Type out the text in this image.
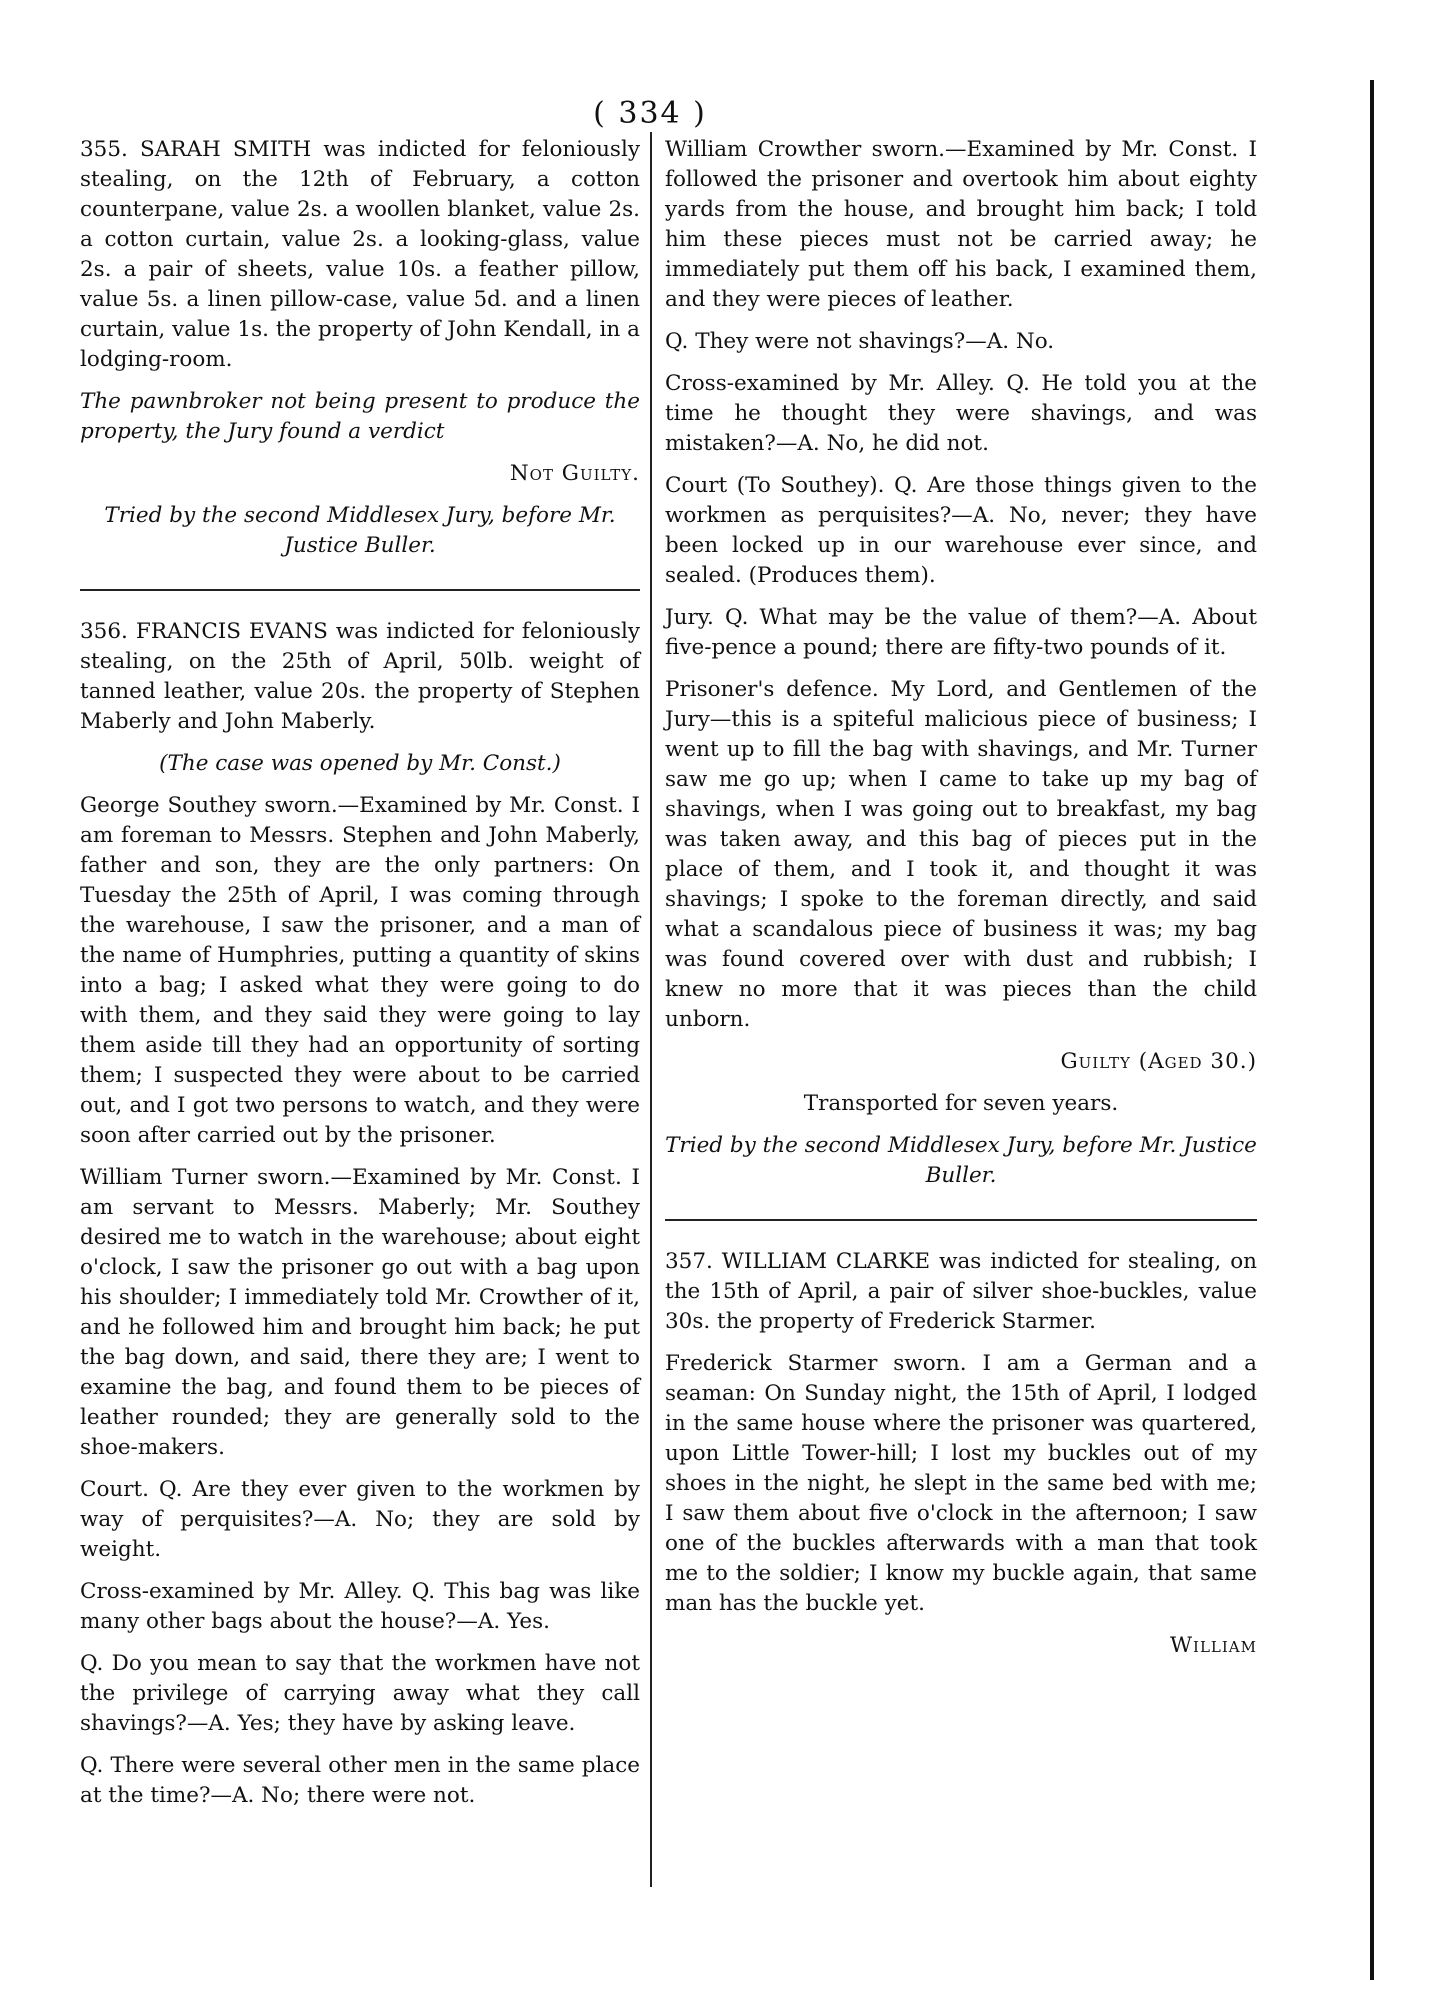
( 334 )

355. SARAH SMITH was indicted for feloniously stealing, on the 12th of February, a cotton counterpane, value 2s. a woollen blanket, value 2s. a cotton curtain, value 2s. a looking-glass, value 2s. a pair of sheets, value 10s. a feather pillow, value 5s. a linen pillow-case, value 5d. and a linen curtain, value 1s. the property of John Kendall, in a lodging-room.

The pawnbroker not being present to produce the property, the Jury found a verdict

Not Guilty.

Tried by the second Middlesex Jury, before Mr. Justice Buller.

356. FRANCIS EVANS was indicted for feloniously stealing, on the 25th of April, 50lb. weight of tanned leather, value 20s. the property of Stephen Maberly and John Maberly.

(The case was opened by Mr. Const.)

George Southey sworn.—Examined by Mr. Const. I am foreman to Messrs. Stephen and John Maberly, father and son, they are the only partners: On Tuesday the 25th of April, I was coming through the warehouse, I saw the prisoner, and a man of the name of Humphries, putting a quantity of skins into a bag; I asked what they were going to do with them, and they said they were going to lay them aside till they had an opportunity of sorting them; I suspected they were about to be carried out, and I got two persons to watch, and they were soon after carried out by the prisoner.

William Turner sworn.—Examined by Mr. Const. I am servant to Messrs. Maberly; Mr. Southey desired me to watch in the warehouse; about eight o'clock, I saw the prisoner go out with a bag upon his shoulder; I immediately told Mr. Crowther of it, and he followed him and brought him back; he put the bag down, and said, there they are; I went to examine the bag, and found them to be pieces of leather rounded; they are generally sold to the shoe-makers.

Court. Q. Are they ever given to the workmen by way of perquisites?—A. No; they are sold by weight.

Cross-examined by Mr. Alley. Q. This bag was like many other bags about the house?—A. Yes.

Q. Do you mean to say that the workmen have not the privilege of carrying away what they call shavings?—A. Yes; they have by asking leave.

Q. There were several other men in the same place at the time?—A. No; there were not.

William Crowther sworn.—Examined by Mr. Const. I followed the prisoner and overtook him about eighty yards from the house, and brought him back; I told him these pieces must not be carried away; he immediately put them off his back, I examined them, and they were pieces of leather.

Q. They were not shavings?—A. No.

Cross-examined by Mr. Alley. Q. He told you at the time he thought they were shavings, and was mistaken?—A. No, he did not.

Court (To Southey). Q. Are those things given to the workmen as perquisites?—A. No, never; they have been locked up in our warehouse ever since, and sealed. (Produces them).

Jury. Q. What may be the value of them?—A. About five-pence a pound; there are fifty-two pounds of it.

Prisoner's defence. My Lord, and Gentlemen of the Jury—this is a spiteful malicious piece of business; I went up to fill the bag with shavings, and Mr. Turner saw me go up; when I came to take up my bag of shavings, when I was going out to breakfast, my bag was taken away, and this bag of pieces put in the place of them, and I took it, and thought it was shavings; I spoke to the foreman directly, and said what a scandalous piece of business it was; my bag was found covered over with dust and rubbish; I knew no more that it was pieces than the child unborn.

Guilty (Aged 30.)

Transported for seven years.

Tried by the second Middlesex Jury, before Mr. Justice Buller.

357. WILLIAM CLARKE was indicted for stealing, on the 15th of April, a pair of silver shoe-buckles, value 30s. the property of Frederick Starmer.

Frederick Starmer sworn. I am a German and a seaman: On Sunday night, the 15th of April, I lodged in the same house where the prisoner was quartered, upon Little Tower-hill; I lost my buckles out of my shoes in the night, he slept in the same bed with me; I saw them about five o'clock in the afternoon; I saw one of the buckles afterwards with a man that took me to the soldier; I know my buckle again, that same man has the buckle yet.

William
